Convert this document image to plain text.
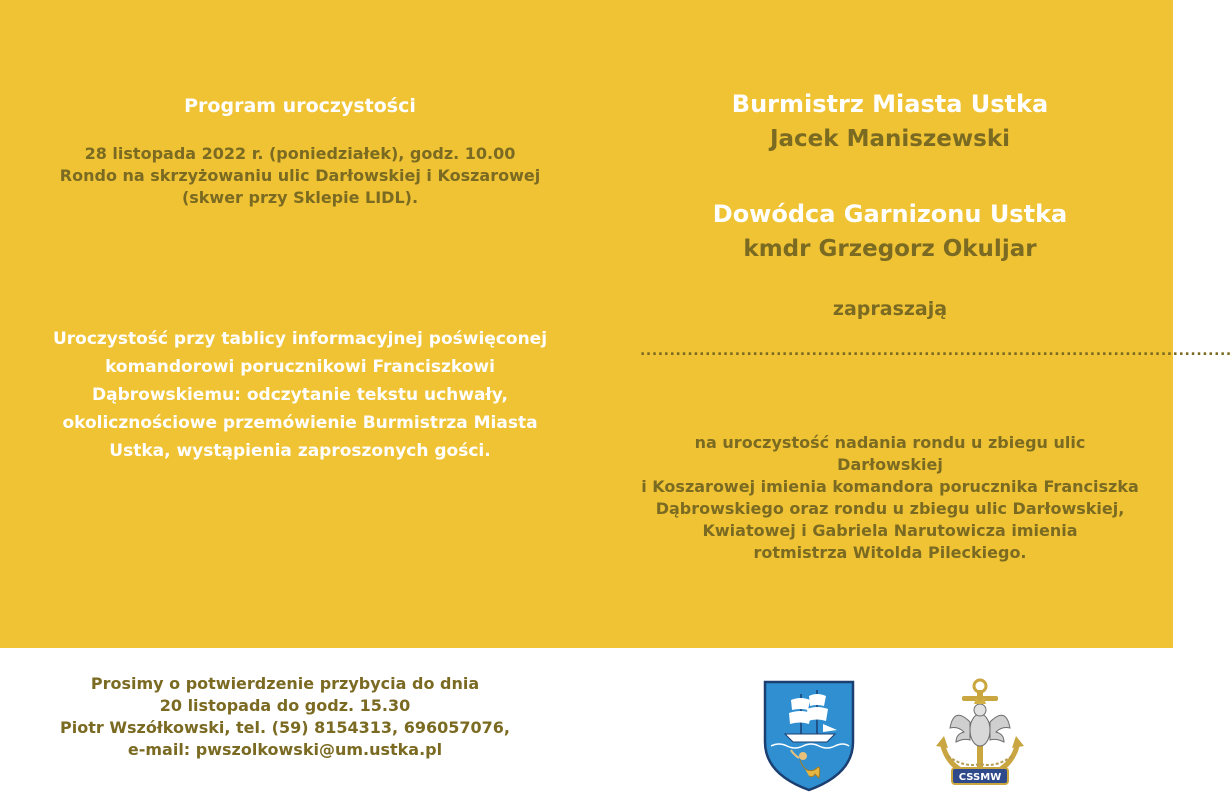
Program uroczystości
28 listopada 2022 r. (poniedziałek), godz. 10.00
Rondo na skrzyżowaniu ulic Darłowskiej i Koszarowej
(skwer przy Sklepie LIDL).
Uroczystość przy tablicy informacyjnej poświęconej
komandorowi porucznikowi Franciszkowi
Dąbrowskiemu: odczytanie tekstu uchwały,
okolicznościowe przemówienie Burmistrza Miasta
Ustka, wystąpienia zaproszonych gości.
Burmistrz Miasta Ustka
Jacek Maniszewski
Dowódca Garnizonu Ustka
kmdr Grzegorz Okuljar
zapraszają
....................................................................................................
na uroczystość nadania rondu u zbiegu ulic Darłowskiej
i Koszarowej imienia komandora porucznika Franciszka
Dąbrowskiego oraz rondu u zbiegu ulic Darłowskiej,
Kwiatowej i Gabriela Narutowicza imienia
rotmistrza Witolda Pileckiego.
Prosimy o potwierdzenie przybycia do dnia
20 listopada do godz. 15.30
Piotr Wszółkowski, tel. (59) 8154313, 696057076,
e-mail: pwszolkowski@um.ustka.pl
CSSMW
